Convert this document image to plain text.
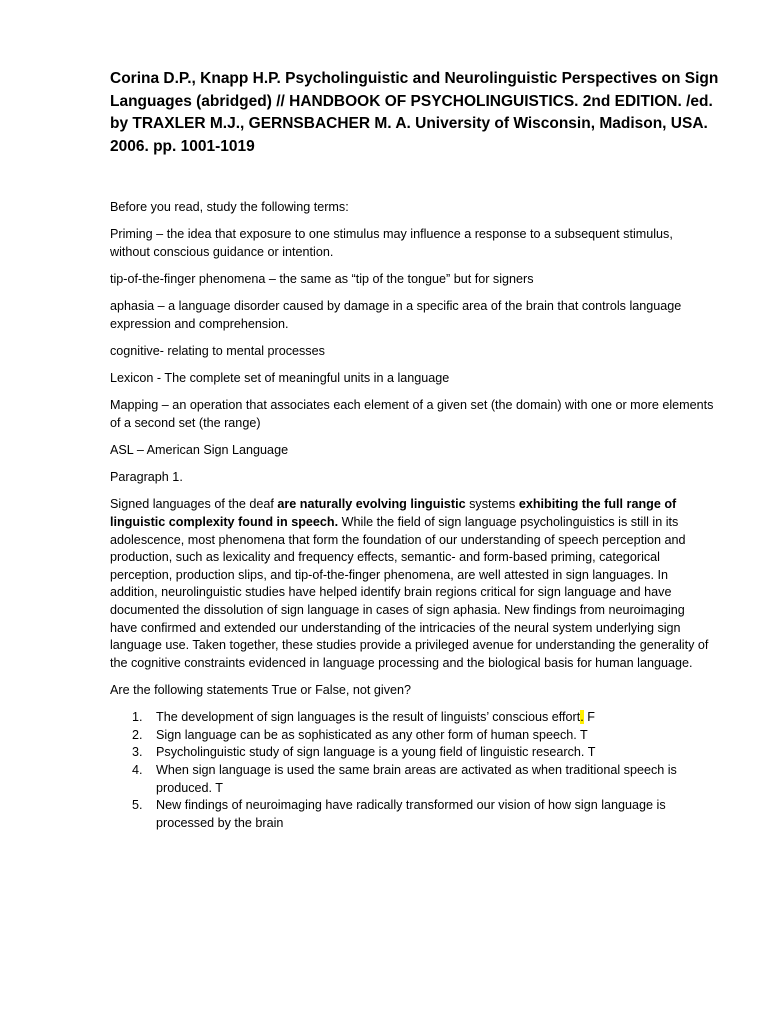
Corina D.P., Knapp H.P. Psycholinguistic and Neurolinguistic Perspectives on Sign Languages (abridged) // HANDBOOK OF PSYCHOLINGUISTICS. 2nd EDITION. /ed. by TRAXLER M.J., GERNSBACHER M. A. University of Wisconsin, Madison, USA. 2006. pp. 1001-1019

Before you read, study the following terms:

Priming – the idea that exposure to one stimulus may influence a response to a subsequent stimulus, without conscious guidance or intention.

tip-of-the-finger phenomena – the same as “tip of the tongue” but for signers

aphasia – a language disorder caused by damage in a specific area of the brain that controls language expression and comprehension.

cognitive- relating to mental processes

Lexicon - The complete set of meaningful units in a language

Mapping – an operation that associates each element of a given set (the domain) with one or more elements of a second set (the range)

ASL – American Sign Language

Paragraph 1.

Signed languages of the deaf are naturally evolving linguistic systems exhibiting the full range of linguistic complexity found in speech. While the field of sign language psycholinguistics is still in its adolescence, most phenomena that form the foundation of our understanding of speech perception and production, such as lexicality and frequency effects, semantic- and form-based priming, categorical perception, production slips, and tip-of-the-finger phenomena, are well attested in sign languages. In addition, neurolinguistic studies have helped identify brain regions critical for sign language and have documented the dissolution of sign language in cases of sign aphasia. New findings from neuroimaging have confirmed and extended our understanding of the intricacies of the neural system underlying sign language use. Taken together, these studies provide a privileged avenue for understanding the generality of the cognitive constraints evidenced in language processing and the biological basis for human language.

Are the following statements True or False, not given?

1. The development of sign languages is the result of linguists’ conscious effort. F
2. Sign language can be as sophisticated as any other form of human speech. T
3. Psycholinguistic study of sign language is a young field of linguistic research. T
4. When sign language is used the same brain areas are activated as when traditional speech is produced. T
5. New findings of neuroimaging have radically transformed our vision of how sign language is processed by the brain
